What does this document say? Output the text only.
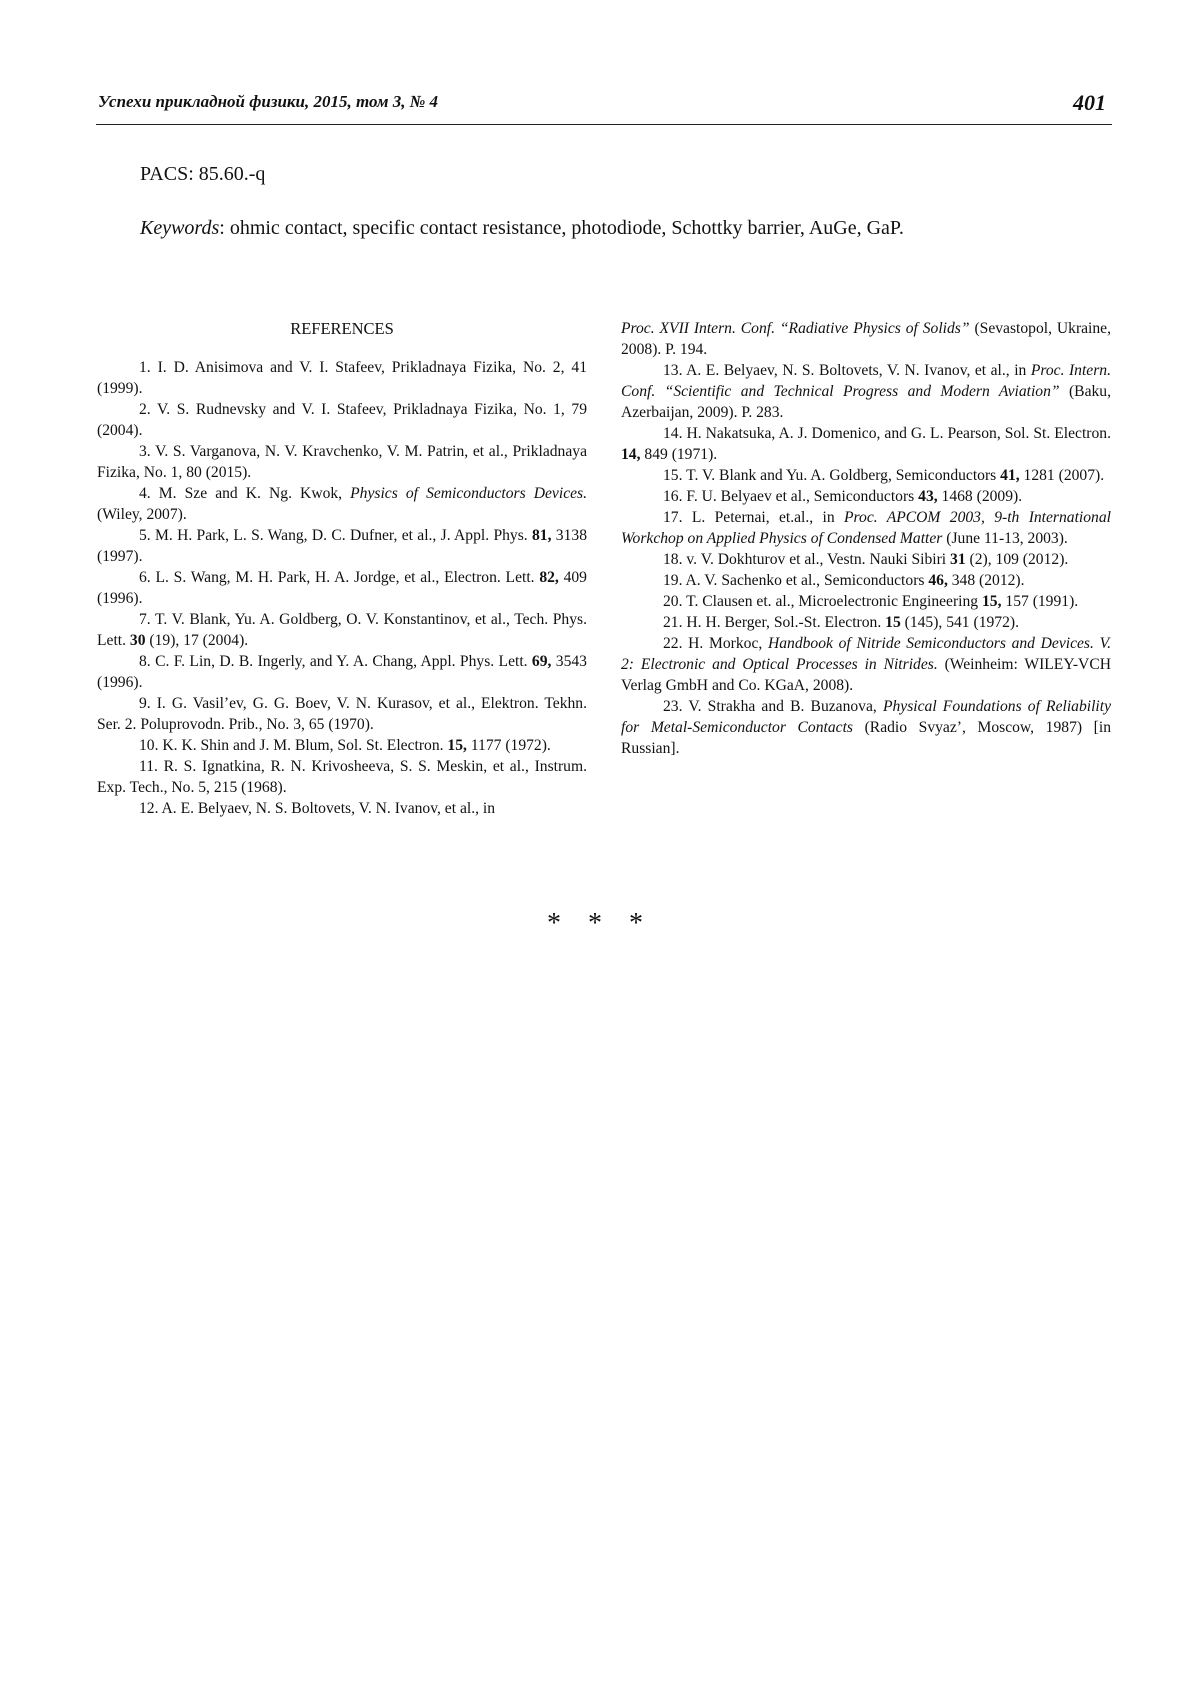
Успехи прикладной физики, 2015, том 3, № 4	401
PACS: 85.60.-q
Keywords: ohmic contact, specific contact resistance, photodiode, Schottky barrier, AuGe, GaP.
REFERENCES

1. I. D. Anisimova and V. I. Stafeev, Prikladnaya Fizika, No. 2, 41 (1999).

2. V. S. Rudnevsky and V. I. Stafeev, Prikladnaya Fizika, No. 1, 79 (2004).

3. V. S. Varganova, N. V. Kravchenko, V. M. Patrin, et al., Prikladnaya Fizika, No. 1, 80 (2015).

4. M. Sze and K. Ng. Kwok, Physics of Semiconductors Devices. (Wiley, 2007).

5. M. H. Park, L. S. Wang, D. C. Dufner, et al., J. Appl. Phys. 81, 3138 (1997).

6. L. S. Wang, M. H. Park, H. A. Jordge, et al., Electron. Lett. 82, 409 (1996).

7. T. V. Blank, Yu. A. Goldberg, O. V. Konstantinov, et al., Tech. Phys. Lett. 30 (19), 17 (2004).

8. C. F. Lin, D. B. Ingerly, and Y. A. Chang, Appl. Phys. Lett. 69, 3543 (1996).

9. I. G. Vasil’ev, G. G. Boev, V. N. Kurasov, et al., Elektron. Tekhn. Ser. 2. Poluprovodn. Prib., No. 3, 65 (1970).

10. K. K. Shin and J. M. Blum, Sol. St. Electron. 15, 1177 (1972).

11. R. S. Ignatkina, R. N. Krivosheeva, S. S. Meskin, et al., Instrum. Exp. Tech., No. 5, 215 (1968).

12. A. E. Belyaev, N. S. Boltovets, V. N. Ivanov, et al., in

Proc. XVII Intern. Conf. “Radiative Physics of Solids” (Sevastopol, Ukraine, 2008). P. 194.

13. A. E. Belyaev, N. S. Boltovets, V. N. Ivanov, et al., in Proc. Intern. Conf. “Scientific and Technical Progress and Modern Aviation” (Baku, Azerbaijan, 2009). P. 283.

14. H. Nakatsuka, A. J. Domenico, and G. L. Pearson, Sol. St. Electron. 14, 849 (1971).

15. T. V. Blank and Yu. A. Goldberg, Semiconductors 41, 1281 (2007).

16. F. U. Belyaev et al., Semiconductors 43, 1468 (2009).

17. L. Peternai, et.al., in Proc. APCOM 2003, 9-th International Workchop on Applied Physics of Condensed Matter (June 11-13, 2003).

18. v. V. Dokhturov et al., Vestn. Nauki Sibiri 31 (2), 109 (2012).

19. A. V. Sachenko et al., Semiconductors 46, 348 (2012).

20. T. Clausen et. al., Microelectronic Engineering 15, 157 (1991).

21. H. H. Berger, Sol.-St. Electron. 15 (145), 541 (1972).

22. H. Morkoc, Handbook of Nitride Semiconductors and Devices. V. 2: Electronic and Optical Processes in Nitrides. (Weinheim: WILEY-VCH Verlag GmbH and Co. KGaA, 2008).

23. V. Strakha and B. Buzanova, Physical Foundations of Reliability for Metal-Semiconductor Contacts (Radio Svyaz’, Moscow, 1987) [in Russian].

* * *
